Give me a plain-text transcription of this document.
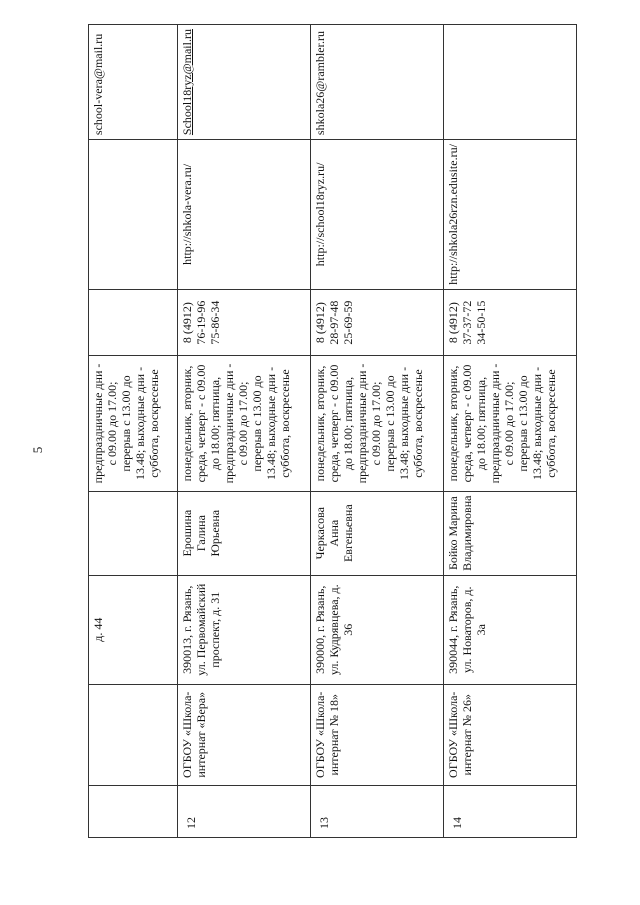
5
		д. 44		предпраздничные дни - с 09.00 до 17.00; перерыв с 13.00 до 13.48; выходные дни - суббота, воскресенье			school-vera@mail.ru
12	ОГБОУ «Школа-интернат «Вера»	390013, г. Рязань, ул. Первомайский проспект, д. 31	Ерошина Галина Юрьевна	понедельник, вторник, среда, четверг - с 09.00 до 18.00; пятница, предпраздничные дни - с 09.00 до 17.00; перерыв с 13.00 до 13.48; выходные дни - суббота, воскресенье	8 (4912) 76-19-96 75-86-34	http://shkola-vera.ru/	School18ryz@mail.ru
13	ОГБОУ «Школа-интернат № 18»	390000, г. Рязань, ул. Кудрявцева, д. 36	Черкасова Анна Евгеньевна	понедельник, вторник, среда, четверг - с 09.00 до 18.00; пятница, предпраздничные дни - с 09.00 до 17.00; перерыв с 13.00 до 13.48; выходные дни - суббота, воскресенье	8 (4912) 28-97-48 25-69-59	http://school18ryz.ru/	shkola26@rambler.ru
14	ОГБОУ «Школа-интернат № 26»	390044, г. Рязань, ул. Новаторов, д. 3а	Бойко Марина Владимировна	понедельник, вторник, среда, четверг - с 09.00 до 18.00; пятница, предпраздничные дни - с 09.00 до 17.00; перерыв с 13.00 до 13.48; выходные дни - суббота, воскресенье	8 (4912) 37-37-72 34-50-15	http://shkola26rzn.edusite.ru/	
